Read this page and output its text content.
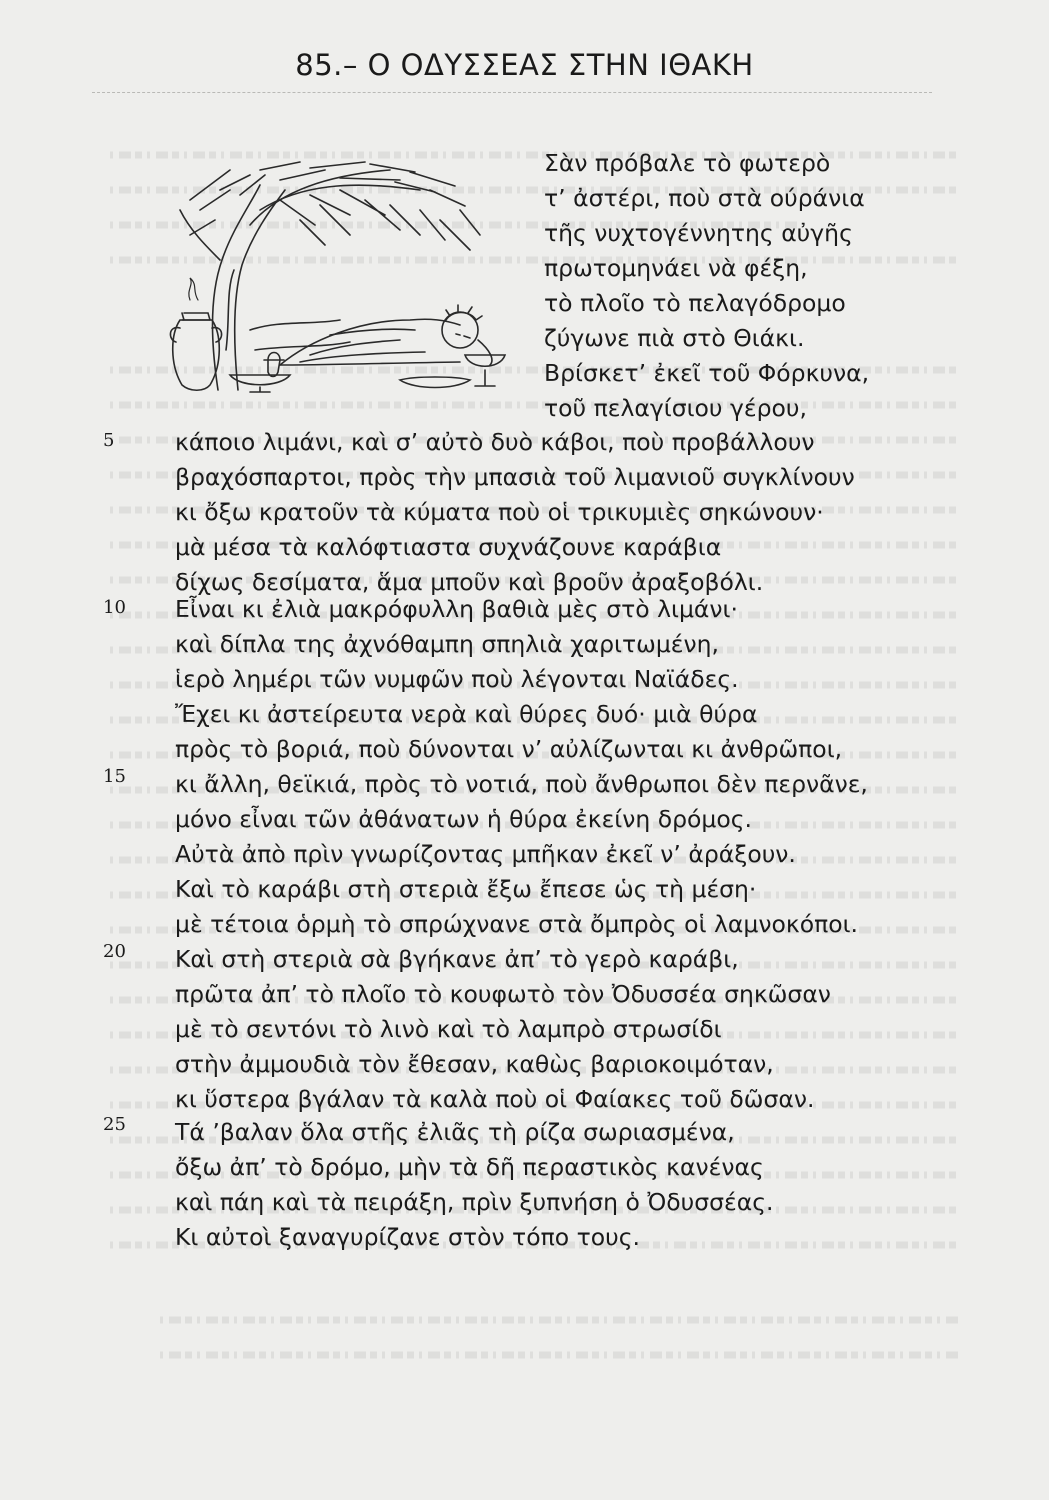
85.– Ο ΟΔΥΣΣΕΑΣ ΣΤΗΝ ΙΘΑΚΗ
Σὰν πρόβαλε τὸ φωτερὸ
τ’ ἀστέρι, ποὺ στὰ ούράνια
τῆς νυχτογέννητης αὐγῆς
πρωτομηνάει νὰ φέξη,
τὸ πλοῖο τὸ πελαγόδρομο
ζύγωνε πιὰ στὸ Θιάκι.
Βρίσκετ’ ἐκεῖ τοῦ Φόρκυνα,
τοῦ πελαγίσιου γέρου,
5	κάποιο λιμάνι, καὶ σ’ αὐτὸ δυὸ κάβοι, ποὺ προβάλλουν
βραχόσπαρτοι, πρὸς τὴν μπασιὰ τοῦ λιμανιοῦ συγκλίνουν
κι ὄξω κρατοῦν τὰ κύματα ποὺ οἱ τρικυμιὲς σηκώνουν·
μὰ μέσα τὰ καλόφτιαστα συχνάζουνε καράβια
δίχως δεσίματα, ἅμα μποῦν καὶ βροῦν ἀραξοβόλι.
10 Εἶναι κι ἐλιὰ μακρόφυλλη βαθιὰ μὲς στὸ λιμάνι·
καὶ δίπλα της ἀχνόθαμπη σπηλιὰ χαριτωμένη,
ἱερὸ λημέρι τῶν νυμφῶν ποὺ λέγονται Ναϊάδες.
Ἔχει κι ἀστείρευτα νερὰ καὶ θύρες δυό· μιὰ θύρα
πρὸς τὸ βοριά, ποὺ δύνονται ν’ αὐλίζωνται κι ἀνθρῶποι,
15 κι ἄλλη, θεϊκιά, πρὸς τὸ νοτιά, ποὺ ἄνθρωποι δὲν περνᾶνε,
μόνο εἶναι τῶν ἀθάνατων ἡ θύρα ἐκείνη δρόμος.
Αὐτὰ ἀπὸ πρὶν γνωρίζοντας μπῆκαν ἐκεῖ ν’ ἀράξουν.
Καὶ τὸ καράβι στὴ στεριὰ ἔξω ἔπεσε ὡς τὴ μέση·
μὲ τέτοια ὁρμὴ τὸ σπρώχνανε στὰ ὄμπρὸς οἱ λαμνοκόποι.
20 Καὶ στὴ στεριὰ σὰ βγήκανε ἀπ’ τὸ γερὸ καράβι,
πρῶτα ἀπ’ τὸ πλοῖο τὸ κουφωτὸ τὸν Ὀδυσσέα σηκῶσαν
μὲ τὸ σεντόνι τὸ λινὸ καὶ τὸ λαμπρὸ στρωσίδι
στὴν ἀμμουδιὰ τὸν ἔθεσαν, καθὼς βαριοκοιμόταν,
κι ὕστερα βγάλαν τὰ καλὰ ποὺ οἱ Φαίακες τοῦ δῶσαν.
25 Τά ’βαλαν ὅλα στῆς ἐλιᾶς τὴ ρίζα σωριασμένα,
ὄξω ἀπ’ τὸ δρόμο, μὴν τὰ δῆ περαστικὸς κανένας
καὶ πάη καὶ τὰ πειράξη, πρὶν ξυπνήση ὁ Ὀδυσσέας.
Κι αὐτοὶ ξαναγυρίζανε στὸν τόπο τους.
